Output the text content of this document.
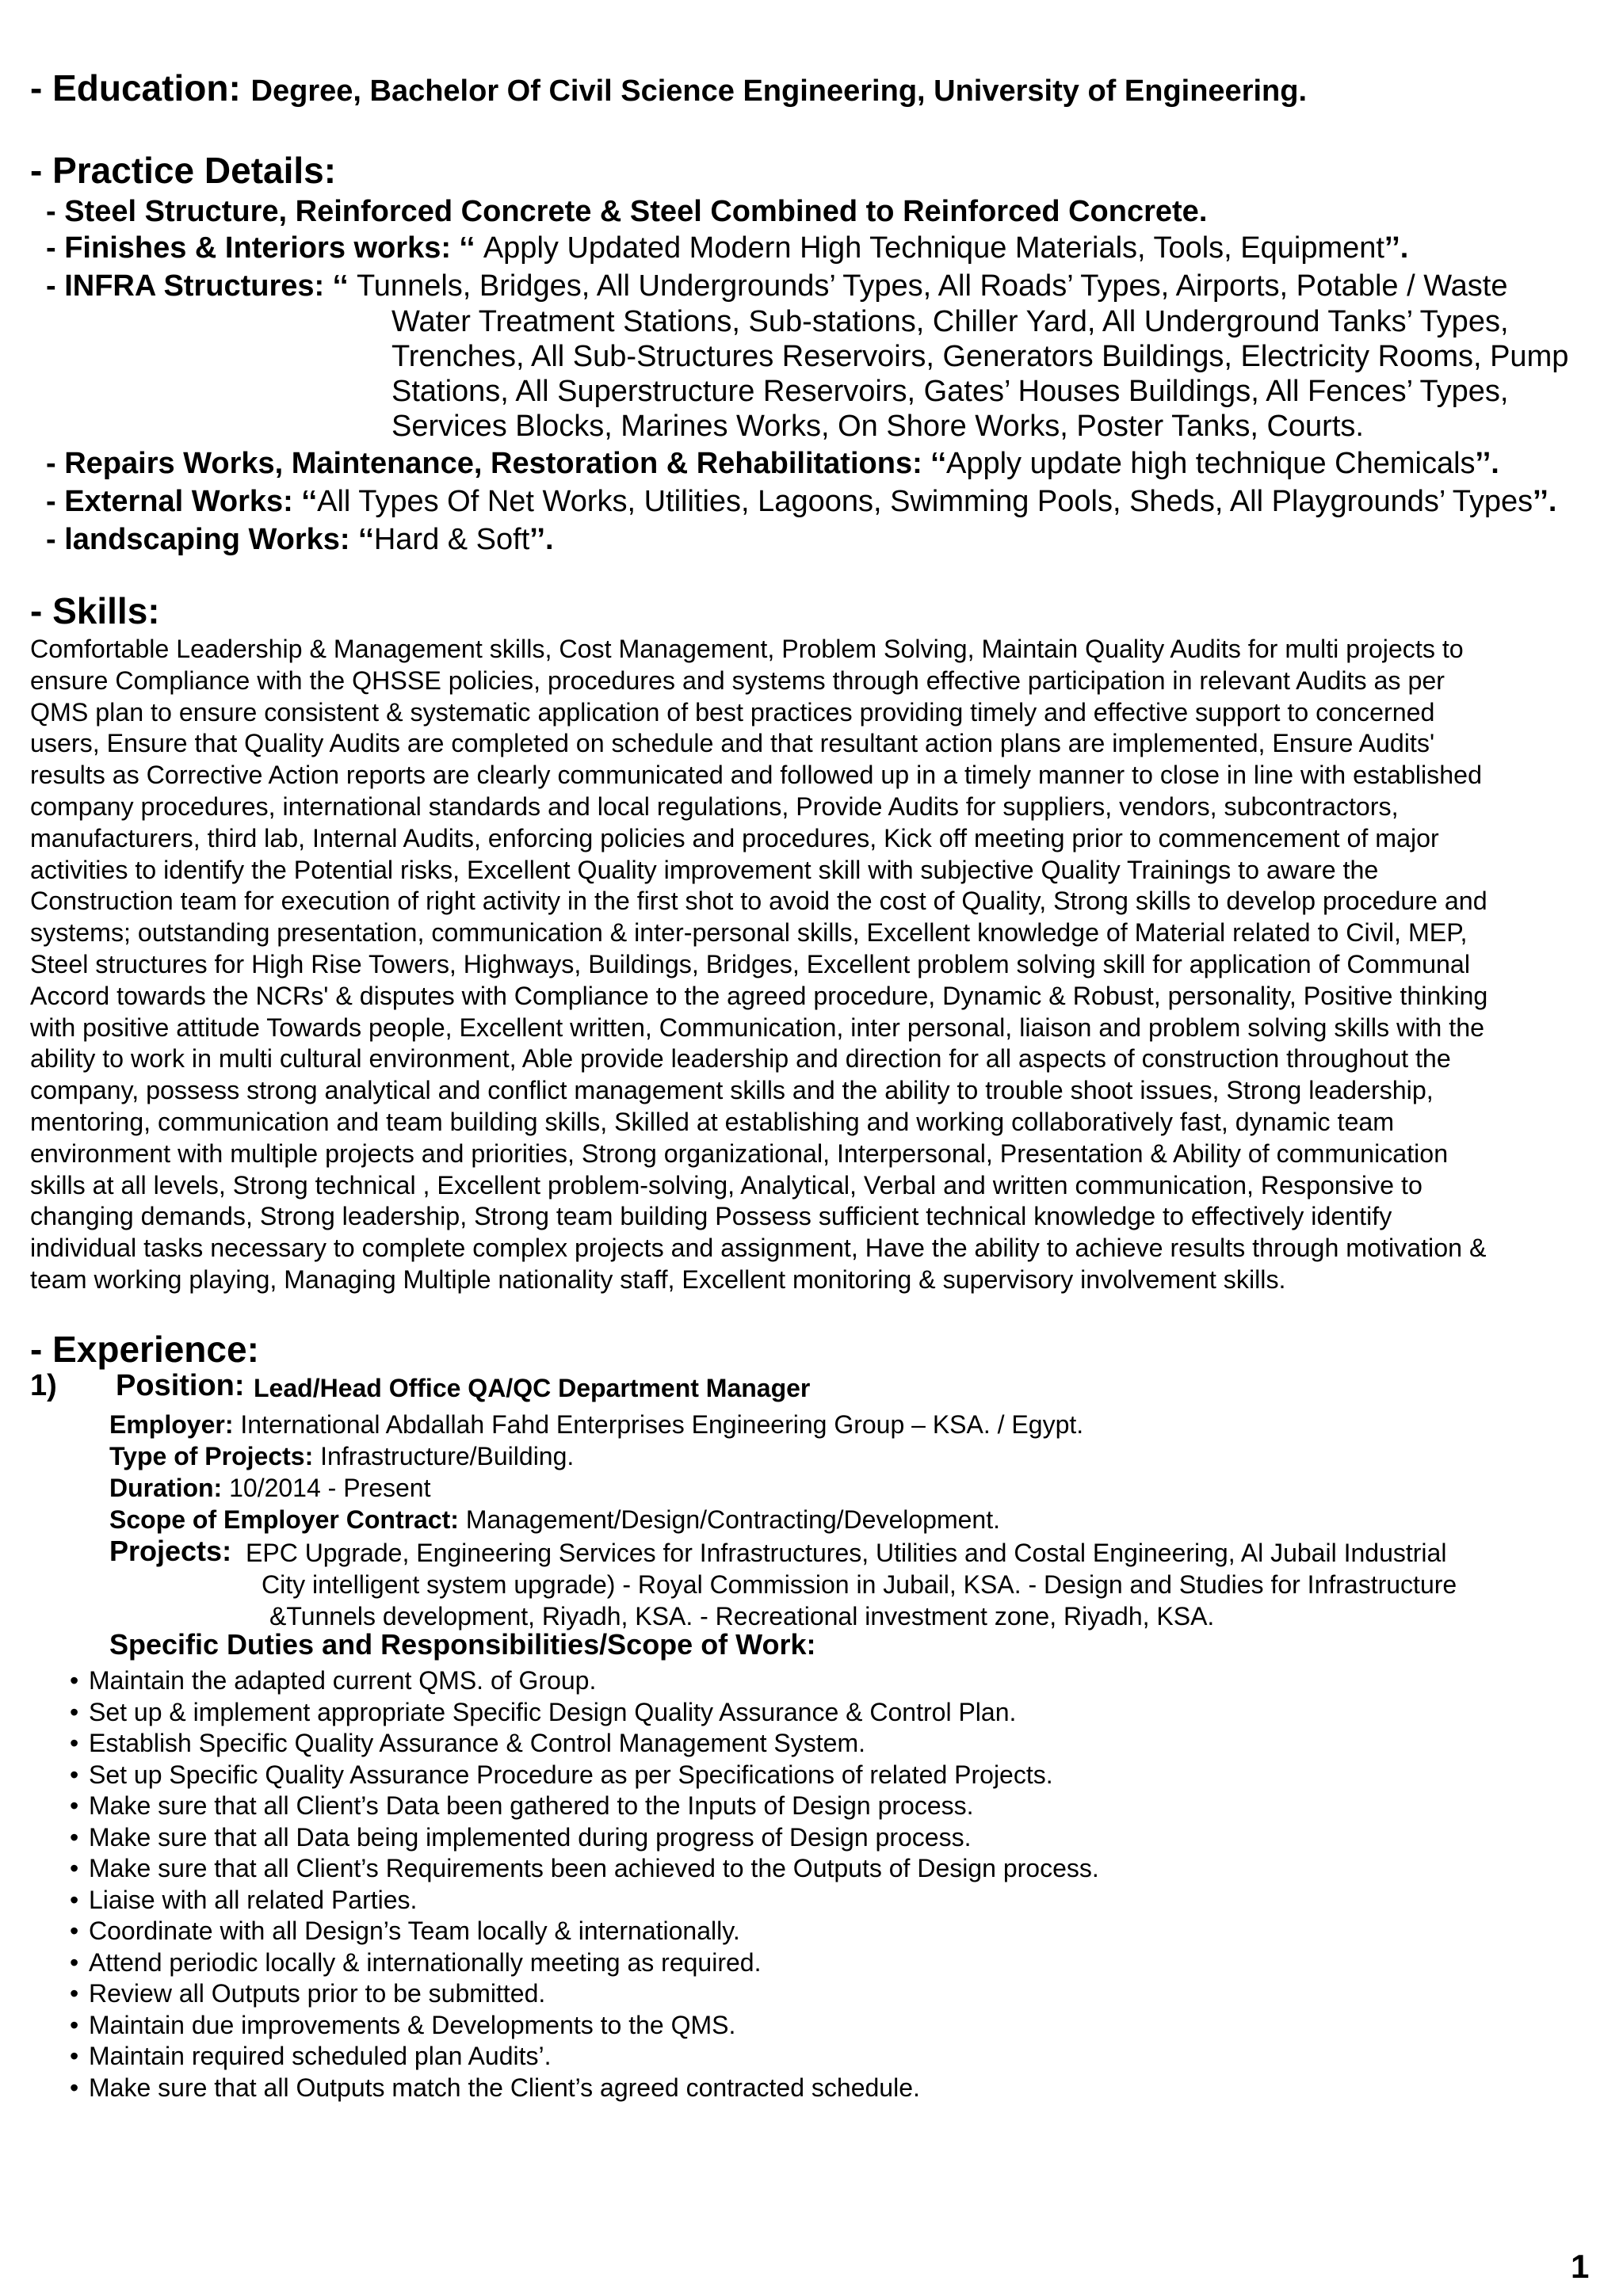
- Education: Degree, Bachelor Of Civil Science Engineering, University of Engineering.
- Practice Details:
- Steel Structure, Reinforced Concrete & Steel Combined to Reinforced Concrete.
- Finishes & Interiors works: ‘‘ Apply Updated Modern High Technique Materials, Tools, Equipment’’.
- INFRA Structures: ‘‘ Tunnels, Bridges, All Undergrounds’ Types, All Roads’ Types, Airports, Potable / Waste
Water Treatment Stations, Sub-stations, Chiller Yard, All Underground Tanks’ Types,
Trenches, All Sub-Structures Reservoirs, Generators Buildings, Electricity Rooms, Pump
Stations, All Superstructure Reservoirs, Gates’ Houses Buildings, All Fences’ Types,
Services Blocks, Marines Works, On Shore Works, Poster Tanks, Courts.
- Repairs Works, Maintenance, Restoration & Rehabilitations: ‘‘Apply update high technique Chemicals’’.
- External Works: ‘‘All Types Of Net Works, Utilities, Lagoons, Swimming Pools, Sheds, All Playgrounds’ Types’’.
- landscaping Works: ‘‘Hard & Soft’’.
- Skills:
Comfortable Leadership & Management skills, Cost Management, Problem Solving, Maintain Quality Audits for multi projects to
ensure Compliance with the QHSSE policies, procedures and systems through effective participation in relevant Audits as per
QMS plan to ensure consistent & systematic application of best practices providing timely and effective support to concerned
users, Ensure that Quality Audits are completed on schedule and that resultant action plans are implemented, Ensure Audits'
results as Corrective Action reports are clearly communicated and followed up in a timely manner to close in line with established
company procedures, international standards and local regulations, Provide Audits for suppliers, vendors, subcontractors,
manufacturers, third lab, Internal Audits, enforcing policies and procedures, Kick off meeting prior to commencement of major
activities to identify the Potential risks, Excellent Quality improvement skill with subjective Quality Trainings to aware the
Construction team for execution of right activity in the first shot to avoid the cost of Quality, Strong skills to develop procedure and
systems; outstanding presentation, communication & inter-personal skills, Excellent knowledge of Material related to Civil, MEP,
Steel structures for High Rise Towers, Highways, Buildings, Bridges, Excellent problem solving skill for application of Communal
Accord towards the NCRs' & disputes with Compliance to the agreed procedure, Dynamic & Robust, personality, Positive thinking
with positive attitude Towards people, Excellent written, Communication, inter personal, liaison and problem solving skills with the
ability to work in multi cultural environment, Able provide leadership and direction for all aspects of construction throughout the
company, possess strong analytical and conflict management skills and the ability to trouble shoot issues, Strong leadership,
mentoring, communication and team building skills, Skilled at establishing and working collaboratively fast, dynamic team
environment with multiple projects and priorities, Strong organizational, Interpersonal, Presentation & Ability of communication
skills at all levels, Strong technical , Excellent problem-solving, Analytical, Verbal and written communication, Responsive to
changing demands, Strong leadership, Strong team building Possess sufficient technical knowledge to effectively identify
individual tasks necessary to complete complex projects and assignment, Have the ability to achieve results through motivation &
team working playing, Managing Multiple nationality staff, Excellent monitoring & supervisory involvement skills.
- Experience:
1) Position: Lead/Head Office QA/QC Department Manager
Employer: International Abdallah Fahd Enterprises Engineering Group – KSA. / Egypt.
Type of Projects: Infrastructure/Building.
Duration: 10/2014 - Present
Scope of Employer Contract: Management/Design/Contracting/Development.
Projects: EPC Upgrade, Engineering Services for Infrastructures, Utilities and Costal Engineering, Al Jubail Industrial
City intelligent system upgrade) - Royal Commission in Jubail, KSA. - Design and Studies for Infrastructure
&Tunnels development, Riyadh, KSA. - Recreational investment zone, Riyadh, KSA.
Specific Duties and Responsibilities/Scope of Work:
• Maintain the adapted current QMS. of Group.
• Set up & implement appropriate Specific Design Quality Assurance & Control Plan.
• Establish Specific Quality Assurance & Control Management System.
• Set up Specific Quality Assurance Procedure as per Specifications of related Projects.
• Make sure that all Client’s Data been gathered to the Inputs of Design process.
• Make sure that all Data being implemented during progress of Design process.
• Make sure that all Client’s Requirements been achieved to the Outputs of Design process.
• Liaise with all related Parties.
• Coordinate with all Design’s Team locally & internationally.
• Attend periodic locally & internationally meeting as required.
• Review all Outputs prior to be submitted.
• Maintain due improvements & Developments to the QMS.
• Maintain required scheduled plan Audits’.
• Make sure that all Outputs match the Client’s agreed contracted schedule.
1
